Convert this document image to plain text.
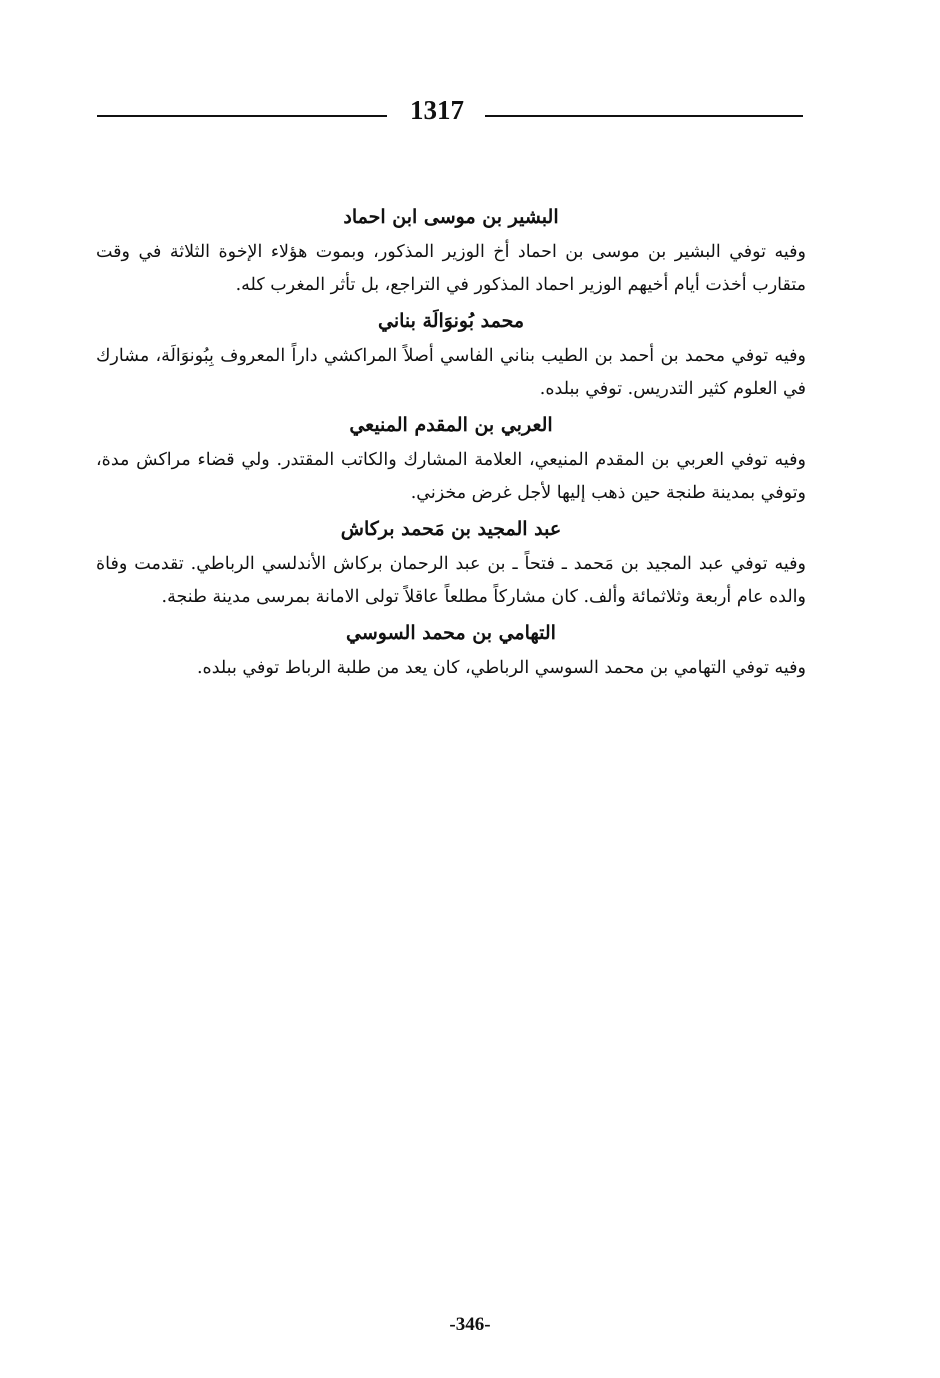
1317
البشير بن موسى ابن احماد

وفيه توفي البشير بن موسى بن احماد أخ الوزير المذكور، وبموت هؤلاء الإخوة الثلاثة في وقت متقارب أخذت أيام أخيهم الوزير احماد المذكور في التراجع، بل تأثر المغرب كله.

محمد بُونوَالَة بناني

وفيه توفي محمد بن أحمد بن الطيب بناني الفاسي أصلاً المراكشي داراً المعروف بِبُونوَالَة، مشارك في العلوم كثير التدريس. توفي ببلده.

العربي بن المقدم المنيعي

وفيه توفي العربي بن المقدم المنيعي، العلامة المشارك والكاتب المقتدر. ولي قضاء مراكش مدة، وتوفي بمدينة طنجة حين ذهب إليها لأجل غرض مخزني.

عبد المجيد بن مَحمد بركاش

وفيه توفي عبد المجيد بن مَحمد ـ فتحاً ـ بن عبد الرحمان بركاش الأندلسي الرباطي. تقدمت وفاة والده عام أربعة وثلاثمائة وألف. كان مشاركاً مطلعاً عاقلاً تولى الامانة بمرسى مدينة طنجة.

التهامي بن محمد السوسي

وفيه توفي التهامي بن محمد السوسي الرباطي، كان يعد من طلبة الرباط توفي ببلده.

-346-
